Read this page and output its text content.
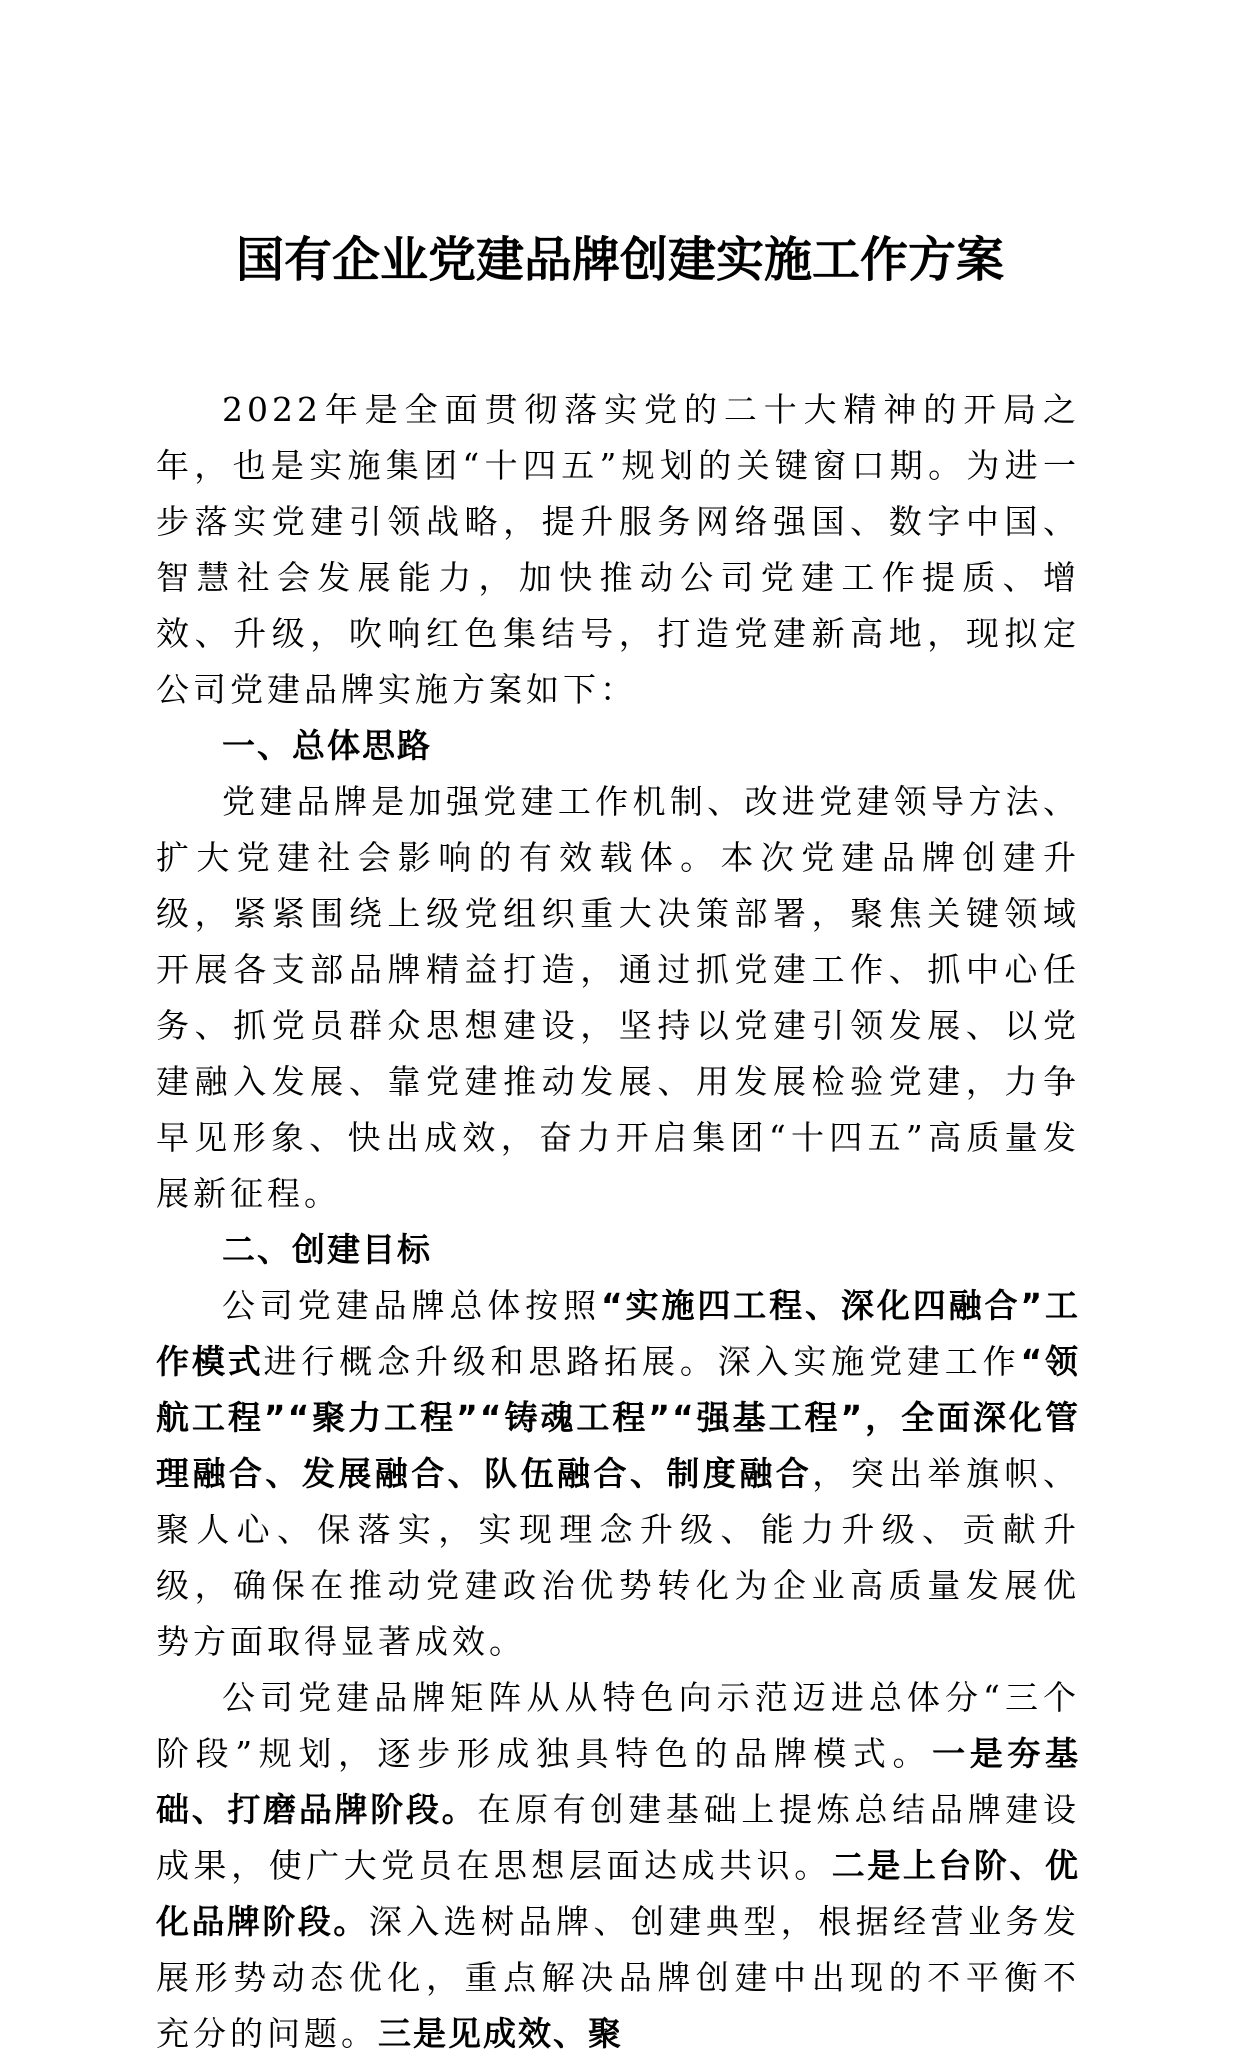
国有企业党建品牌创建实施工作方案

2022年是全面贯彻落实党的二十大精神的开局之年，也是实施集团“十四五”规划的关键窗口期。为进一步落实党建引领战略，提升服务网络强国、数字中国、智慧社会发展能力，加快推动公司党建工作提质、增效、升级，吹响红色集结号，打造党建新高地，现拟定公司党建品牌实施方案如下：

一、总体思路

党建品牌是加强党建工作机制、改进党建领导方法、扩大党建社会影响的有效载体。本次党建品牌创建升级，紧紧围绕上级党组织重大决策部署，聚焦关键领域开展各支部品牌精益打造，通过抓党建工作、抓中心任务、抓党员群众思想建设，坚持以党建引领发展、以党建融入发展、靠党建推动发展、用发展检验党建，力争早见形象、快出成效，奋力开启集团“十四五”高质量发展新征程。

二、创建目标

公司党建品牌总体按照“实施四工程、深化四融合”工作模式进行概念升级和思路拓展。深入实施党建工作“领航工程”“聚力工程”“铸魂工程”“强基工程”，全面深化管理融合、发展融合、队伍融合、制度融合，突出举旗帜、聚人心、保落实，实现理念升级、能力升级、贡献升级，确保在推动党建政治优势转化为企业高质量发展优势方面取得显著成效。

公司党建品牌矩阵从从特色向示范迈进总体分“三个阶段”规划，逐步形成独具特色的品牌模式。一是夯基础、打磨品牌阶段。在原有创建基础上提炼总结品牌建设成果，使广大党员在思想层面达成共识。二是上台阶、优化品牌阶段。深入选树品牌、创建典型，根据经营业务发展形势动态优化，重点解决品牌创建中出现的不平衡不充分的问题。三是见成效、聚
